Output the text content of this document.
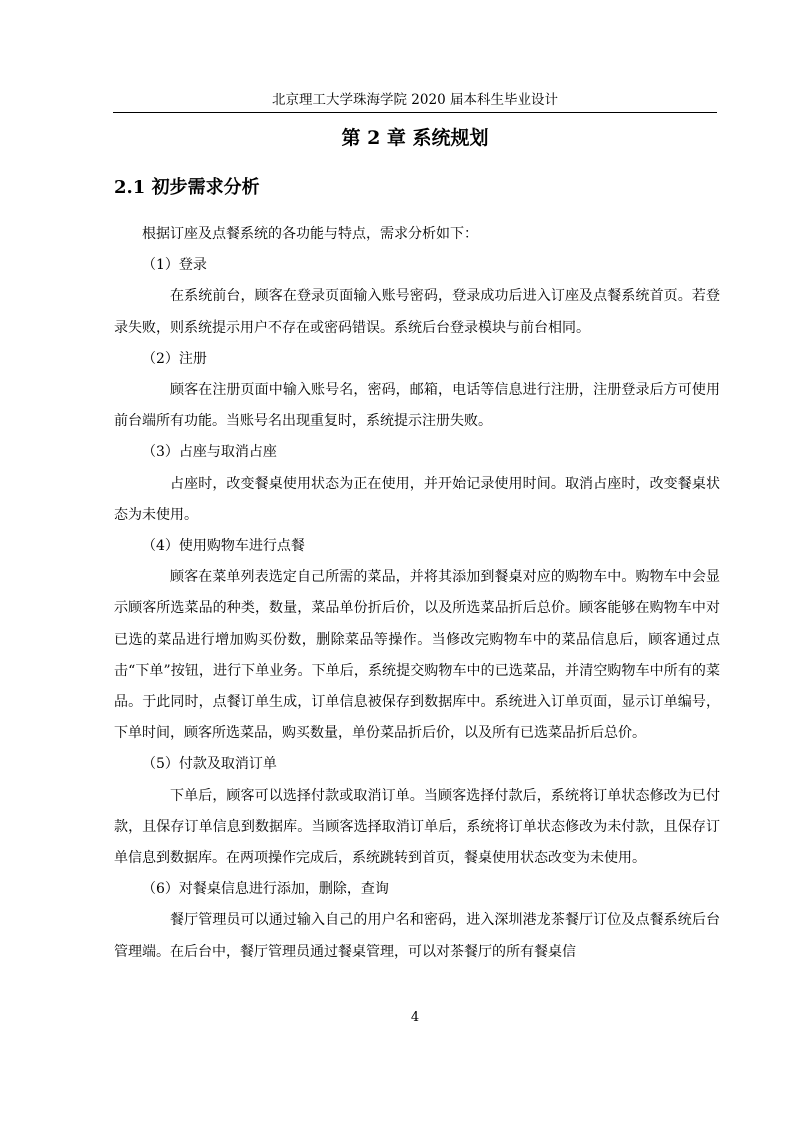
北京理工大学珠海学院 2020 届本科生毕业设计
第 2 章 系统规划
2.1 初步需求分析

根据订座及点餐系统的各功能与特点，需求分析如下：

（1）登录

在系统前台，顾客在登录页面输入账号密码，登录成功后进入订座及点餐系统首页。若登录失败，则系统提示用户不存在或密码错误。系统后台登录模块与前台相同。

（2）注册

顾客在注册页面中输入账号名，密码，邮箱，电话等信息进行注册，注册登录后方可使用前台端所有功能。当账号名出现重复时，系统提示注册失败。

（3）占座与取消占座

占座时，改变餐桌使用状态为正在使用，并开始记录使用时间。取消占座时，改变餐桌状态为未使用。

（4）使用购物车进行点餐

顾客在菜单列表选定自己所需的菜品，并将其添加到餐桌对应的购物车中。购物车中会显示顾客所选菜品的种类，数量，菜品单份折后价，以及所选菜品折后总价。顾客能够在购物车中对已选的菜品进行增加购买份数，删除菜品等操作。当修改完购物车中的菜品信息后，顾客通过点击“下单”按钮，进行下单业务。下单后，系统提交购物车中的已选菜品，并清空购物车中所有的菜品。于此同时，点餐订单生成，订单信息被保存到数据库中。系统进入订单页面，显示订单编号，下单时间，顾客所选菜品，购买数量，单份菜品折后价，以及所有已选菜品折后总价。

（5）付款及取消订单

下单后，顾客可以选择付款或取消订单。当顾客选择付款后，系统将订单状态修改为已付款，且保存订单信息到数据库。当顾客选择取消订单后，系统将订单状态修改为未付款，且保存订单信息到数据库。在两项操作完成后，系统跳转到首页，餐桌使用状态改变为未使用。

（6）对餐桌信息进行添加，删除，查询

餐厅管理员可以通过输入自己的用户名和密码，进入深圳港龙茶餐厅订位及点餐系统后台管理端。在后台中，餐厅管理员通过餐桌管理，可以对茶餐厅的所有餐桌信

4
